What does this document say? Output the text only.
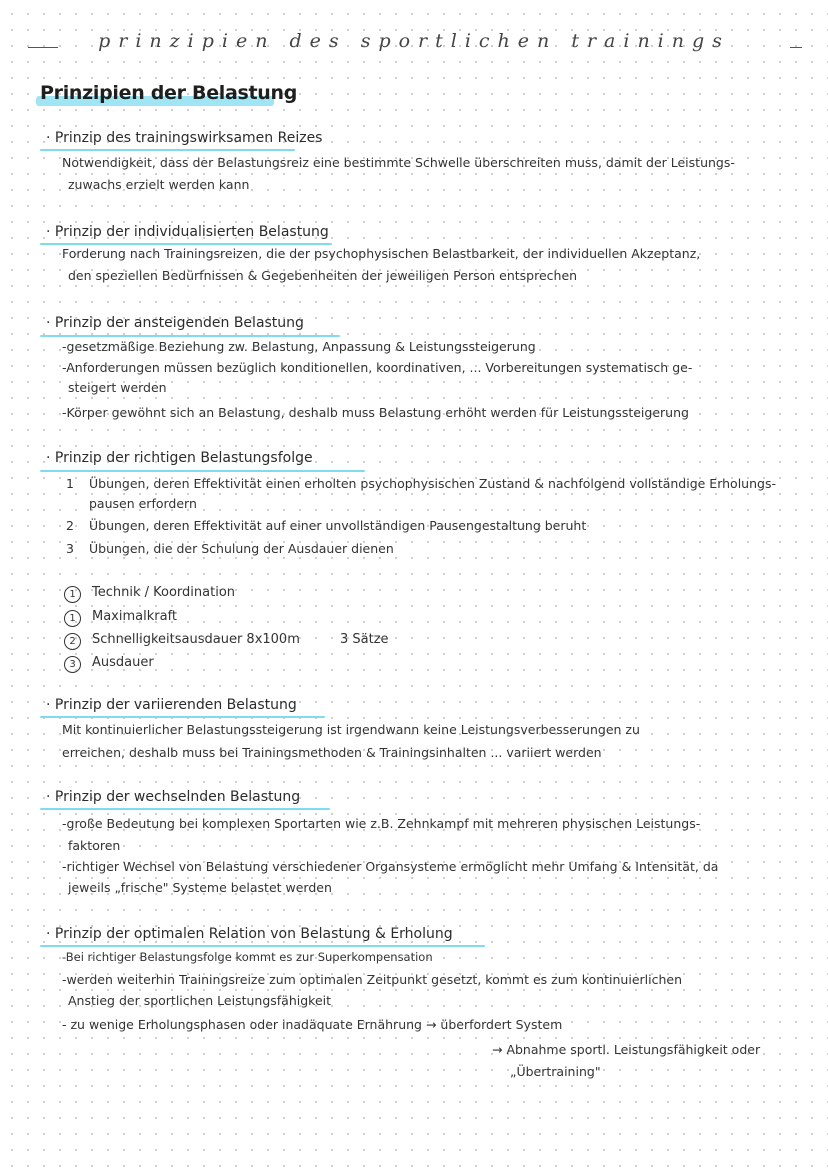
prinzipien des sportlichen trainings
Prinzipien der Belastung
· Prinzip des trainingswirksamen Reizes

Notwendigkeit, dass der Belastungsreiz eine bestimmte Schwelle überschreiten muss, damit der Leistungs-

zuwachs erzielt werden kann

· Prinzip der individualisierten Belastung

Forderung nach Trainingsreizen, die der psychophysischen Belastbarkeit, der individuellen Akzeptanz,

den speziellen Bedürfnissen & Gegebenheiten der jeweiligen Person entsprechen

· Prinzip der ansteigenden Belastung

-gesetzmäßige Beziehung zw. Belastung, Anpassung & Leistungssteigerung

-Anforderungen müssen bezüglich konditionellen, koordinativen, ... Vorbereitungen systematisch ge-

steigert werden

-Körper gewöhnt sich an Belastung, deshalb muss Belastung erhöht werden für Leistungssteigerung

· Prinzip der richtigen Belastungsfolge
1 Übungen, deren Effektivität einen erholten psychophysischen Zustand & nachfolgend vollständige Erholungs-
pausen erfordern
2 Übungen, deren Effektivität auf einer unvollständigen Pausengestaltung beruht
3 Übungen, die der Schulung der Ausdauer dienen
1	Technik / Koordination
1	Maximalkraft
2	Schnelligkeitsausdauer 8x100m	3 Sätze
3	Ausdauer
· Prinzip der variierenden Belastung

Mit kontinuierlicher Belastungssteigerung ist irgendwann keine Leistungsverbesserungen zu

erreichen, deshalb muss bei Trainingsmethoden & Trainingsinhalten ... variiert werden

· Prinzip der wechselnden Belastung

-große Bedeutung bei komplexen Sportarten wie z.B. Zehnkampf mit mehreren physischen Leistungs-

faktoren

-richtiger Wechsel von Belastung verschiedener Organsysteme ermöglicht mehr Umfang & Intensität, da

jeweils „frische" Systeme belastet werden

· Prinzip der optimalen Relation von Belastung & Erholung

-Bei richtiger Belastungsfolge kommt es zur Superkompensation

-werden weiterhin Trainingsreize zum optimalen Zeitpunkt gesetzt, kommt es zum kontinuierlichen

Anstieg der sportlichen Leistungsfähigkeit

- zu wenige Erholungsphasen oder inadäquate Ernährung → überfordert System

→ Abnahme sportl. Leistungsfähigkeit oder

„Übertraining"
